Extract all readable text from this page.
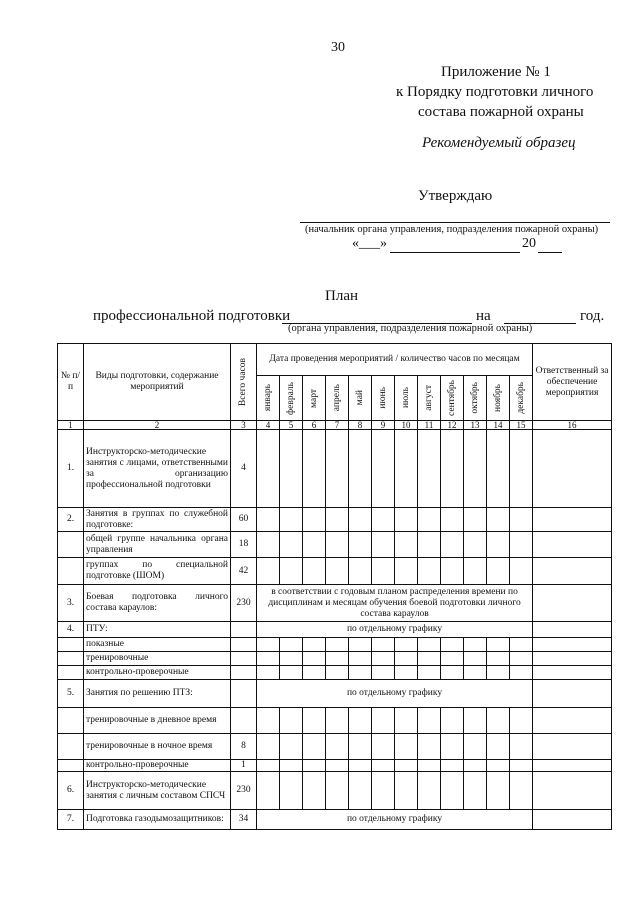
30
Приложение № 1
к Порядку подготовки личного
состава пожарной охраны
Рекомендуемый образец
Утверждаю
(начальник органа управления, подразделения пожарной охраны)
«___»	20
План
профессиональной подготовки	на	год.
(органа управления, подразделения пожарной охраны)
№ п/п	Виды подготовки, содержание мероприятий	Всего часов	Дата проведения мероприятий / количество часов по месяцам												Ответственный за обеспечение мероприятия

			январь	февраль	март	апрель	май	июнь	июль	август	сентябрь	октябрь	ноябрь	декабрь	

1	2	3	4	5	6	7	8	9	10	11	12	13	14	15	16
1.	Инструкторско-методические занятия с лицами, ответственными за организацию профессиональной подготовки	4													
2.	Занятия в группах по служебной подготовке:	60													
	общей группе начальника органа управления	18													
	группах по специальной подготовке (ШОМ)	42													
3.	Боевая подготовка личного состава караулов:	230	в соответствии с годовым планом распределения времени по дисциплинам и месяцам обучения боевой подготовки личного состава караулов												
4.	ПТУ:		по отдельному графику												
	показные														
	тренировочные														
	контрольно-проверочные														
5.	Занятия по решению ПТЗ:		по отдельному графику												
	тренировочные в дневное время														
	тренировочные в ночное время	8													
	контрольно-проверочные	1													
6.	Инструкторско-методические занятия с личным составом СПСЧ	230													
7.	Подготовка газодымозащитников:	34	по отдельному графику												
